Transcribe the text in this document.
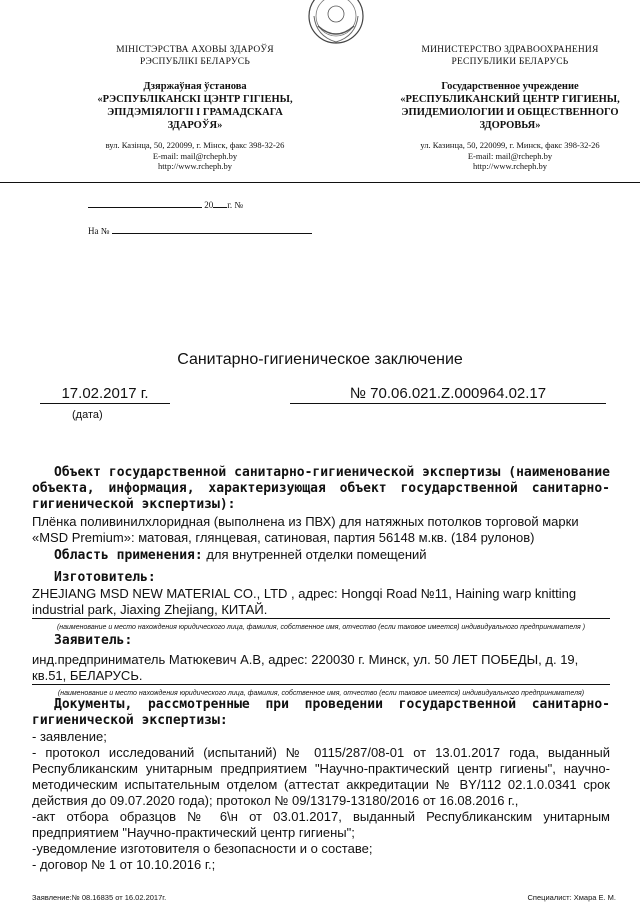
МІНІСТЭРСТВА АХОВЫ ЗДАРОЎЯ
РЭСПУБЛІКІ БЕЛАРУСЬ
Дзяржаўная ўстанова
«РЭСПУБЛІКАНСКІ ЦЭНТР ГІГІЕНЫ,
ЭПІДЭМІЯЛОГІІ І ГРАМАДСКАГА
ЗДАРОЎЯ»
вул. Казінца, 50, 220099, г. Мінск, факс 398-32-26
E-mail: mail@rcheph.by
http://www.rcheph.by
МИНИСТЕРСТВО ЗДРАВООХРАНЕНИЯ
РЕСПУБЛИКИ БЕЛАРУСЬ
Государственное учреждение
«РЕСПУБЛИКАНСКИЙ ЦЕНТР ГИГИЕНЫ,
ЭПИДЕМИОЛОГИИ И ОБЩЕСТВЕННОГО
ЗДОРОВЬЯ»
ул. Казинца, 50, 220099, г. Минск, факс 398-32-26
E-mail: mail@rcheph.by
http://www.rcheph.by
20 г. №
На №
Санитарно-гигиеническое заключение
17.02.2017 г.
(дата)
№ 70.06.021.Z.000964.02.17
Объект государственной санитарно-гигиенической экспертизы (наименование объекта, информация, характеризующая объект государственной санитарно-гигиенической экспертизы):
Плёнка поливинилхлоридная (выполнена из ПВХ) для натяжных потолков торговой марки «MSD Premium»: матовая, глянцевая, сатиновая, партия 56148 м.кв. (184 рулонов)
Область применения: для внутренней отделки помещений
Изготовитель:
ZHEJIANG MSD NEW MATERIAL CO., LTD , адрес: Hongqi Road №11, Haining warp knitting industrial park, Jiaxing Zhejiang, КИТАЙ.
(наименование и место нахождения юридического лица, фамилия, собственное имя, отчество (если таковое имеется) индивидуального предпринимателя )
Заявитель:
инд.предприниматель Матюкевич А.В, адрес: 220030 г. Минск, ул. 50 ЛЕТ ПОБЕДЫ, д. 19, кв.51, БЕЛАРУСЬ.
(наименование и место нахождения юридического лица, фамилия, собственное имя, отчество (если таковое имеется) индивидуального предпринимателя)
Документы, рассмотренные при проведении государственной санитарно-гигиенической экспертизы:
- заявление;
- протокол исследований (испытаний) № 0115/287/08-01 от 13.01.2017 года, выданный Республиканским унитарным предприятием "Научно-практический центр гигиены", научно-методическим испытательным отделом (аттестат аккредитации № BY/112 02.1.0.0341 срок действия до 09.07.2020 года); протокол № 09/13179-13180/2016 от 16.08.2016 г.,
-акт отбора образцов № 6\н от 03.01.2017, выданный Республиканским унитарным предприятием "Научно-практический центр гигиены";
-уведомление изготовителя о безопасности и о составе;
- договор № 1 от 10.10.2016 г.;
Заявление:№ 08.16835 от 16.02.2017г.	Специалист: Хмара Е. М.
